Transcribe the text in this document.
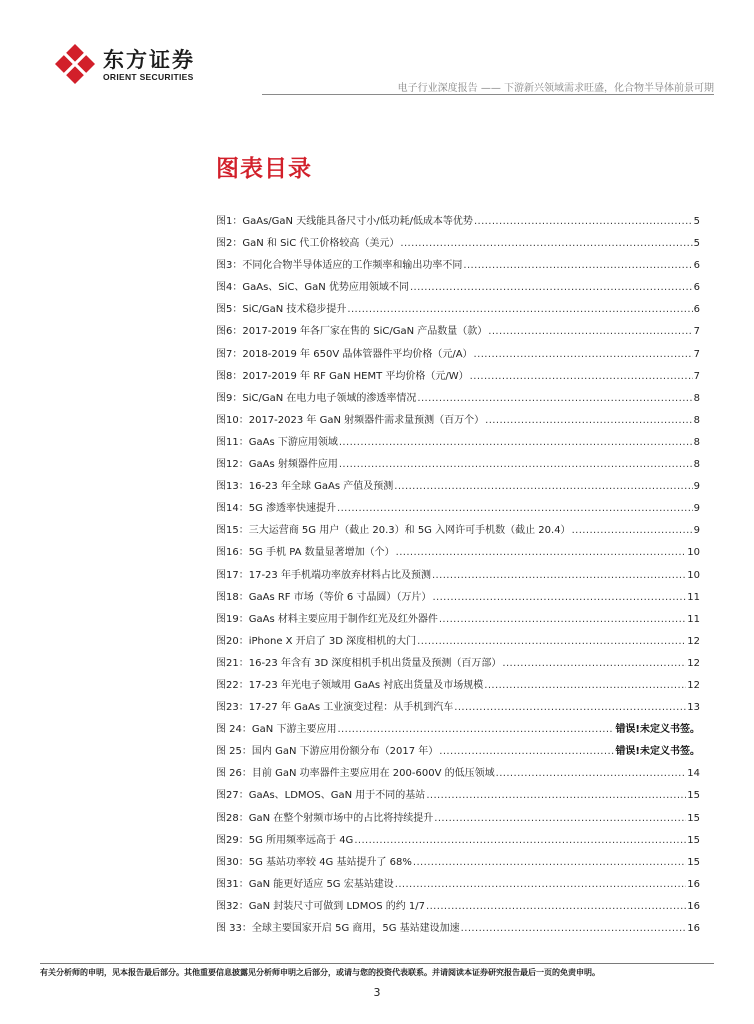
东方证券
ORIENT SECURITIES
电子行业深度报告 —— 下游新兴领域需求旺盛，化合物半导体前景可期
图表目录
图1：GaAs/GaN 天线能具备尺寸小/低功耗/低成本等优势 .....	5
图2：GaN 和 SiC 代工价格较高（美元） .....	5
图3：不同化合物半导体适应的工作频率和输出功率不同 .....	6
图4：GaAs、SiC、GaN 优势应用领域不同 .....	6
图5：SiC/GaN 技术稳步提升 .....	6
图6：2017-2019 年各厂家在售的 SiC/GaN 产品数量（款） .....	7
图7：2018-2019 年 650V 晶体管器件平均价格（元/A） .....	7
图8：2017-2019 年 RF GaN HEMT 平均价格（元/W） .....	7
图9：SiC/GaN 在电力电子领域的渗透率情况 .....	8
图10：2017-2023 年 GaN 射频器件需求量预测（百万个） .....	8
图11：GaAs 下游应用领域 .....	8
图12：GaAs 射频器件应用 .....	8
图13：16-23 年全球 GaAs 产值及预测 .....	9
图14：5G 渗透率快速提升 .....	9
图15：三大运营商 5G 用户（截止 20.3）和 5G 入网许可手机数（截止 20.4） .....	9
图16：5G 手机 PA 数量显著增加（个） .....	10
图17：17-23 年手机端功率放弃材料占比及预测 .....	10
图18：GaAs RF 市场（等价 6 寸晶圆）（万片） .....	11
图19：GaAs 材料主要应用于制作红光及红外器件 .....	11
图20：iPhone X 开启了 3D 深度相机的大门 .....	12
图21：16-23 年含有 3D 深度相机手机出货量及预测（百万部） .....	12
图22：17-23 年光电子领域用 GaAs 衬底出货量及市场规模 .....	12
图23：17-27 年 GaAs 工业演变过程：从手机到汽车 .....	13
图 24：GaN 下游主要应用 .....	错误!未定义书签。
图 25：国内 GaN 下游应用份额分布（2017 年） .....	错误!未定义书签。
图 26：目前 GaN 功率器件主要应用在 200-600V 的低压领域 .....	14
图27：GaAs、LDMOS、GaN 用于不同的基站 .....	15
图28：GaN 在整个射频市场中的占比将持续提升 .....	15
图29：5G 所用频率远高于 4G .....	15
图30：5G 基站功率较 4G 基站提升了 68% .....	15
图31：GaN 能更好适应 5G 宏基站建设 .....	16
图32：GaN 封装尺寸可做到 LDMOS 的约 1/7 .....	16
图 33：全球主要国家开启 5G 商用，5G 基站建设加速 .....	16
有关分析师的申明，见本报告最后部分。其他重要信息披露见分析师申明之后部分，或请与您的投资代表联系。并请阅读本证券研究报告最后一页的免责申明。
3
